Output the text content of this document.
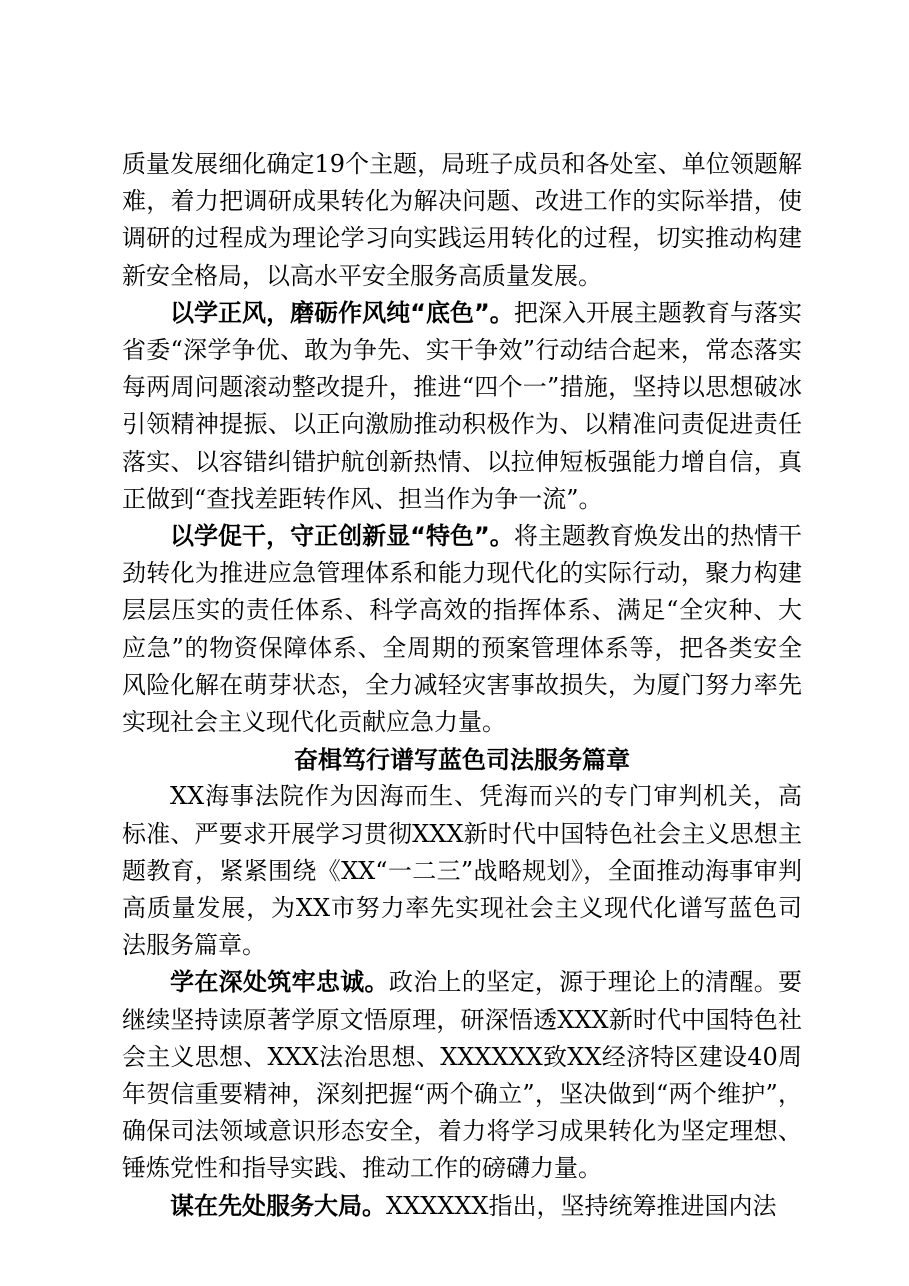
质量发展细化确定19个主题，局班子成员和各处室、单位领题解难，着力把调研成果转化为解决问题、改进工作的实际举措，使调研的过程成为理论学习向实践运用转化的过程，切实推动构建新安全格局，以高水平安全服务高质量发展。

以学正风，磨砺作风纯“底色”。把深入开展主题教育与落实省委“深学争优、敢为争先、实干争效”行动结合起来，常态落实每两周问题滚动整改提升，推进“四个一”措施，坚持以思想破冰引领精神提振、以正向激励推动积极作为、以精准问责促进责任落实、以容错纠错护航创新热情、以拉伸短板强能力增自信，真正做到“查找差距转作风、担当作为争一流”。

以学促干，守正创新显“特色”。将主题教育焕发出的热情干劲转化为推进应急管理体系和能力现代化的实际行动，聚力构建层层压实的责任体系、科学高效的指挥体系、满足“全灾种、大应急”的物资保障体系、全周期的预案管理体系等，把各类安全风险化解在萌芽状态，全力减轻灾害事故损失，为厦门努力率先实现社会主义现代化贡献应急力量。

奋楫笃行谱写蓝色司法服务篇章

XX海事法院作为因海而生、凭海而兴的专门审判机关，高标准、严要求开展学习贯彻XXX新时代中国特色社会主义思想主题教育，紧紧围绕《XX“一二三”战略规划》，全面推动海事审判高质量发展，为XX市努力率先实现社会主义现代化谱写蓝色司法服务篇章。

学在深处筑牢忠诚。政治上的坚定，源于理论上的清醒。要继续坚持读原著学原文悟原理，研深悟透XXX新时代中国特色社会主义思想、XXX法治思想、XXXXXX致XX经济特区建设40周年贺信重要精神，深刻把握“两个确立”，坚决做到“两个维护”，确保司法领域意识形态安全，着力将学习成果转化为坚定理想、锤炼党性和指导实践、推动工作的磅礴力量。

谋在先处服务大局。XXXXXX指出，坚持统筹推进国内法
